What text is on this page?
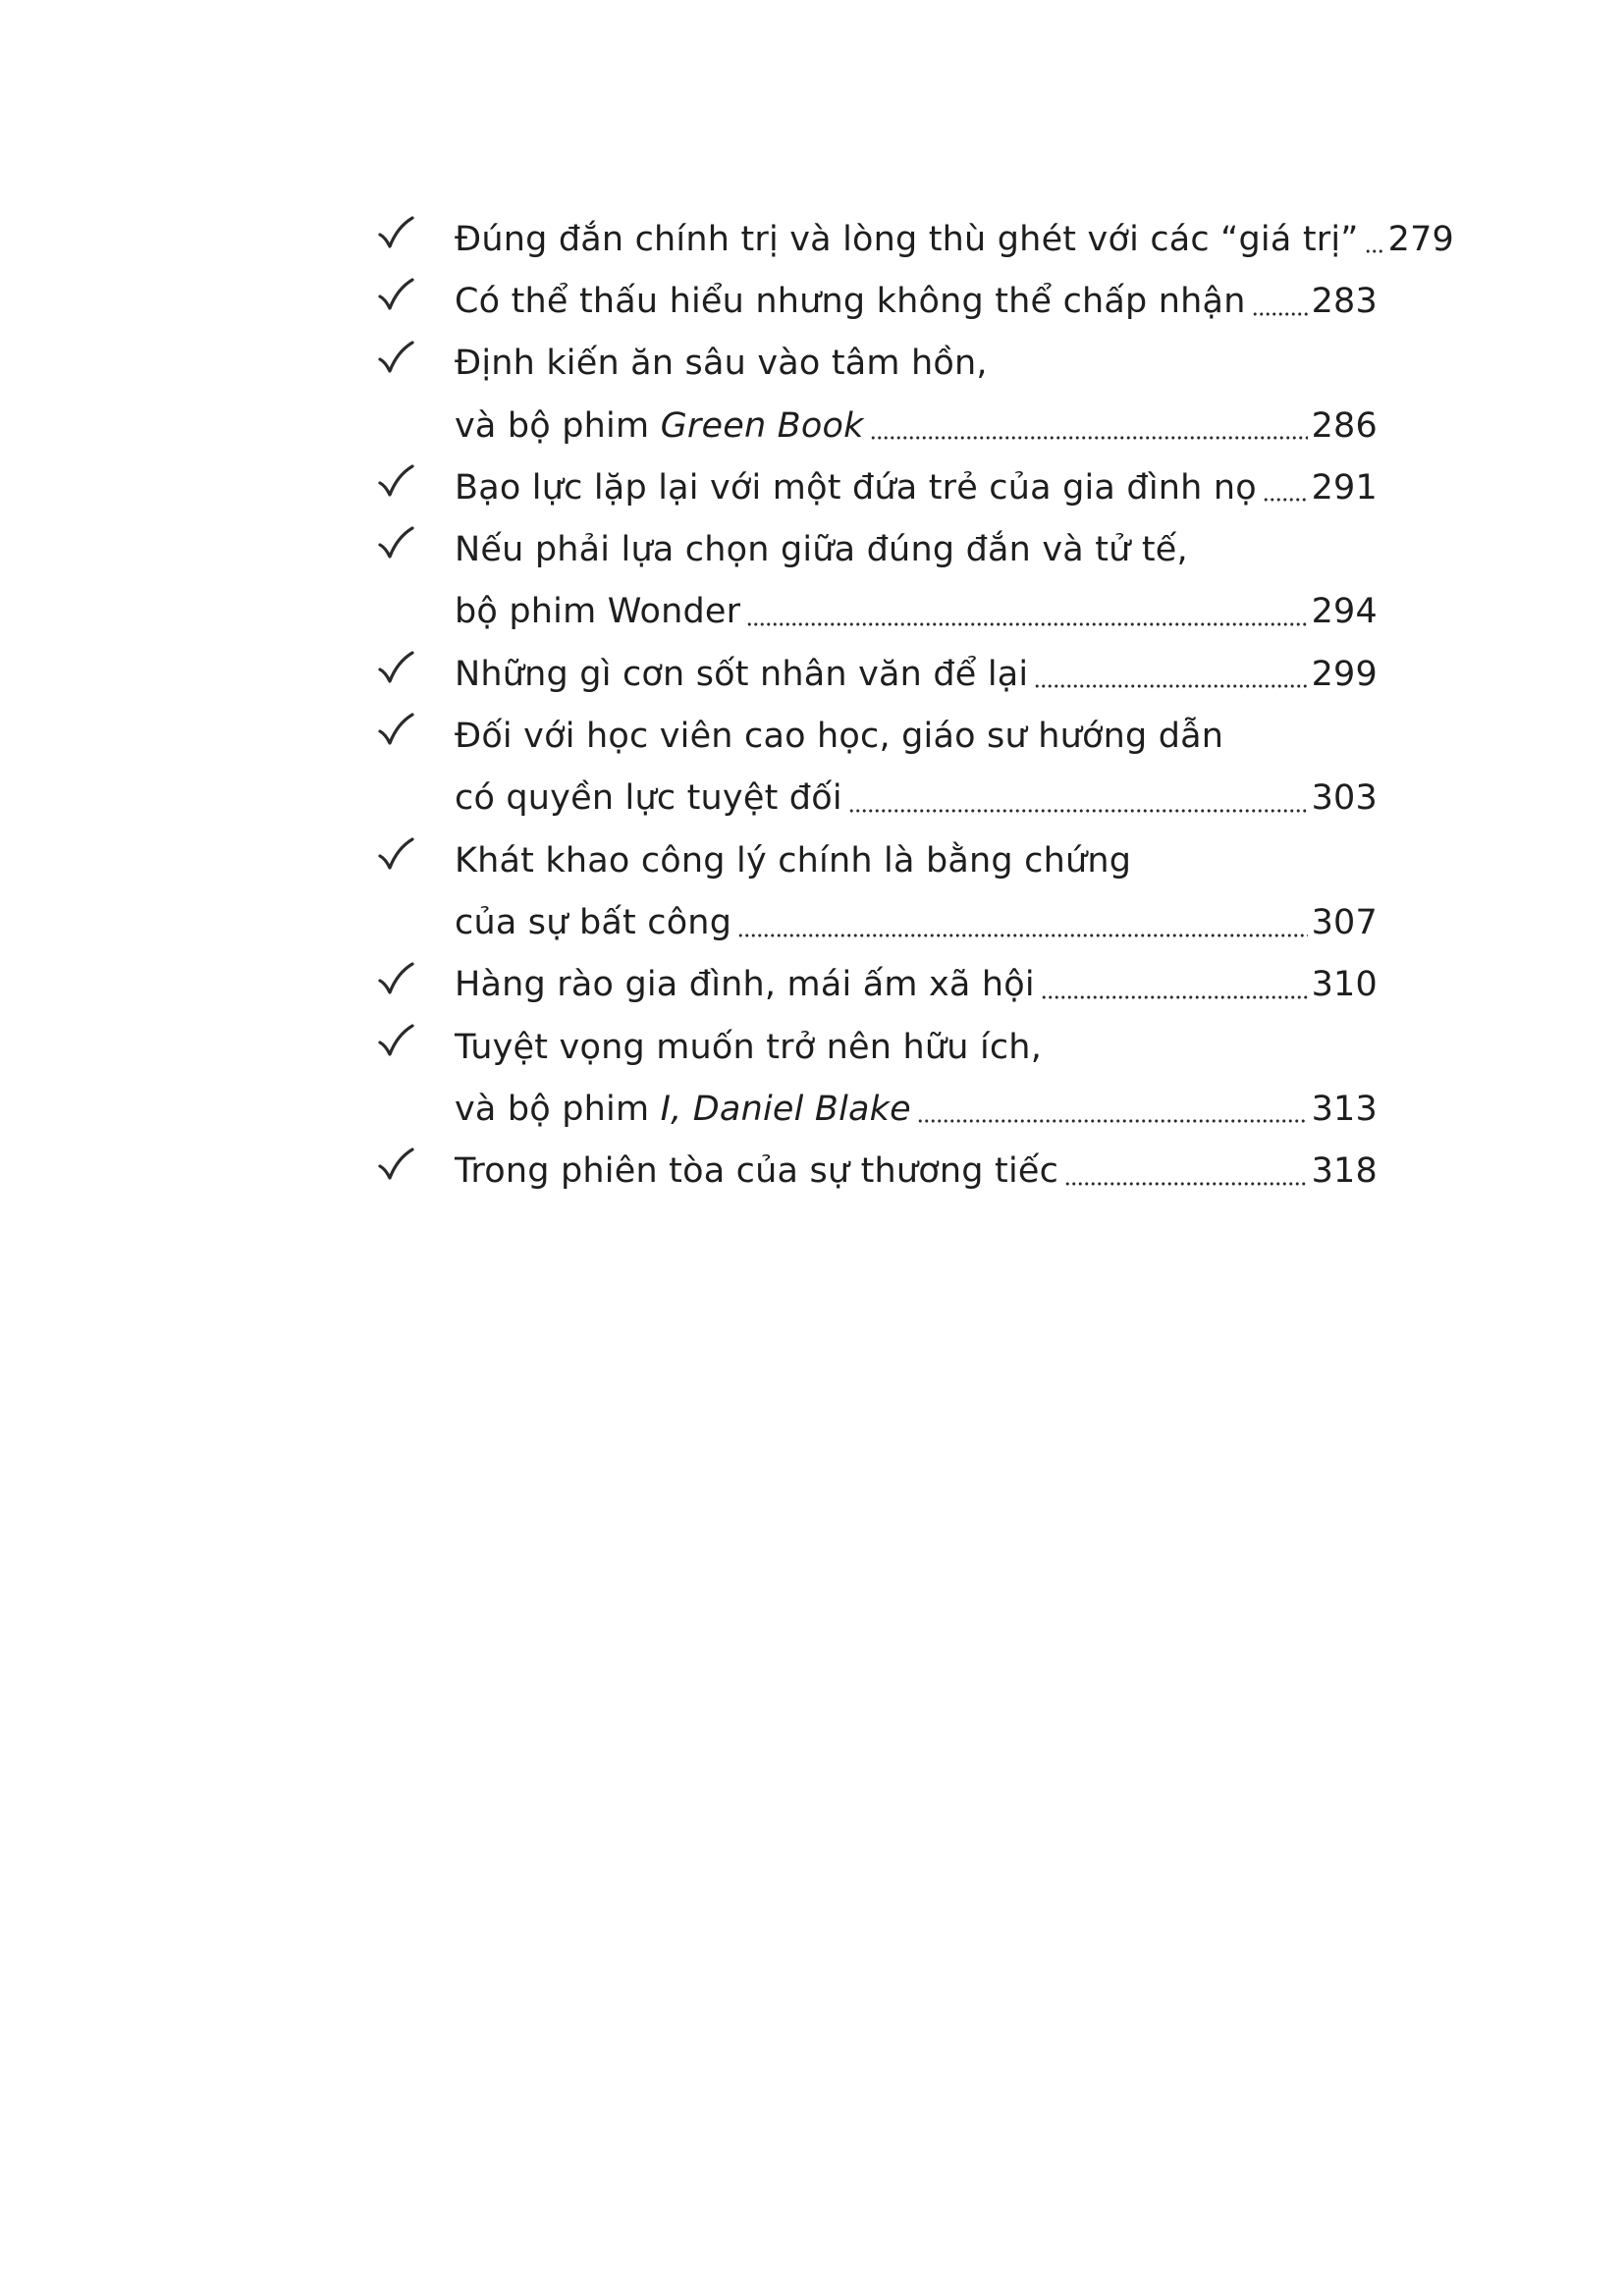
Đúng đắn chính trị và lòng thù ghét với các “giá trị” 279
Có thể thấu hiểu nhưng không thể chấp nhận 283
Định kiến ăn sâu vào tâm hồn,
và bộ phim Green Book	286
Bạo lực lặp lại với một đứa trẻ của gia đình nọ 291
Nếu phải lựa chọn giữa đúng đắn và tử tế,
bộ phim Wonder	294
Những gì cơn sốt nhân văn để lại	299
Đối với học viên cao học, giáo sư hướng dẫn
có quyền lực tuyệt đối	303
Khát khao công lý chính là bằng chứng
của sự bất công	307
Hàng rào gia đình, mái ấm xã hội	310
Tuyệt vọng muốn trở nên hữu ích,
và bộ phim I, Daniel Blake	313
Trong phiên tòa của sự thương tiếc	318
